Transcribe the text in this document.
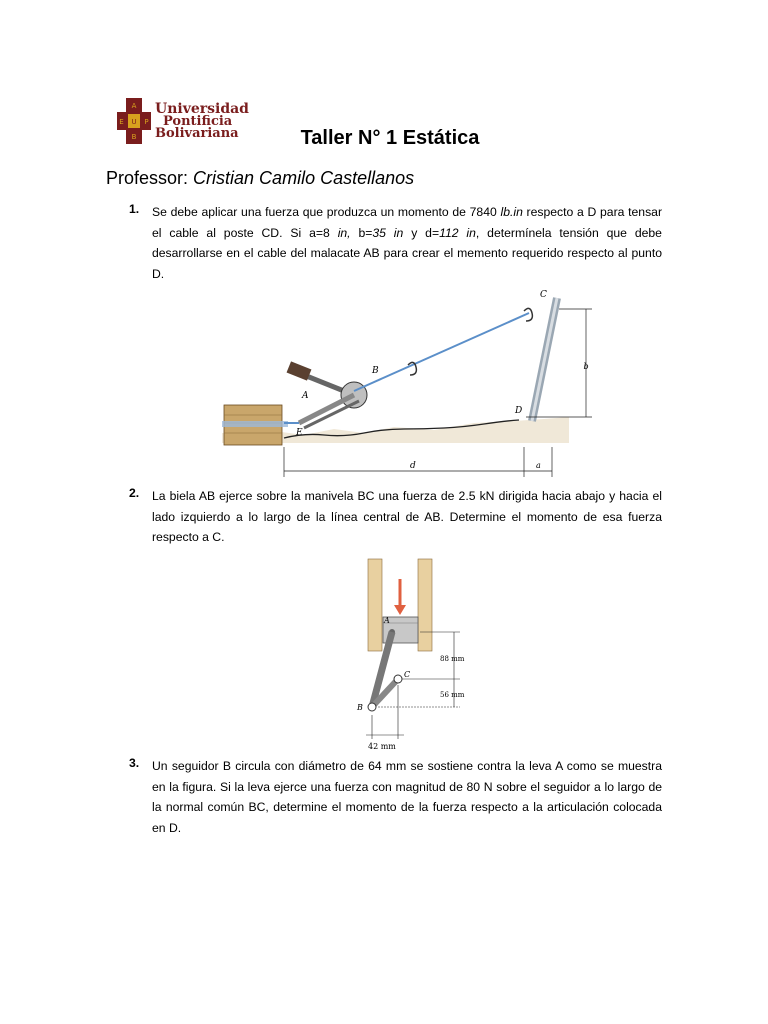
A
E U P
B
Universidad
Pontificia
Bolivariana	Taller N° 1 Estática
Professor: Cristian Camilo Castellanos
1. Se debe aplicar una fuerza que produzca un momento de 7840 lb.in respecto a D para tensar el cable al poste CD. Si a=8 in, b=35 in y d=112 in, determínela tensión que debe desarrollarse en el cable del malacate AB para crear el memento requerido respecto al punto D.
B
A
C
D
E
b
d	a
2. La biela AB ejerce sobre la manivela BC una fuerza de 2.5 kN dirigida hacia abajo y hacia el lado izquierdo a lo largo de la línea central de AB. Determine el momento de esa fuerza respecto a C.
A
C
B
88 mm
56 mm
42 mm
3. Un seguidor B circula con diámetro de 64 mm se sostiene contra la leva A como se muestra en la figura. Si la leva ejerce una fuerza con magnitud de 80 N sobre el seguidor a lo largo de la normal común BC, determine el momento de la fuerza respecto a la articulación colocada en D.
